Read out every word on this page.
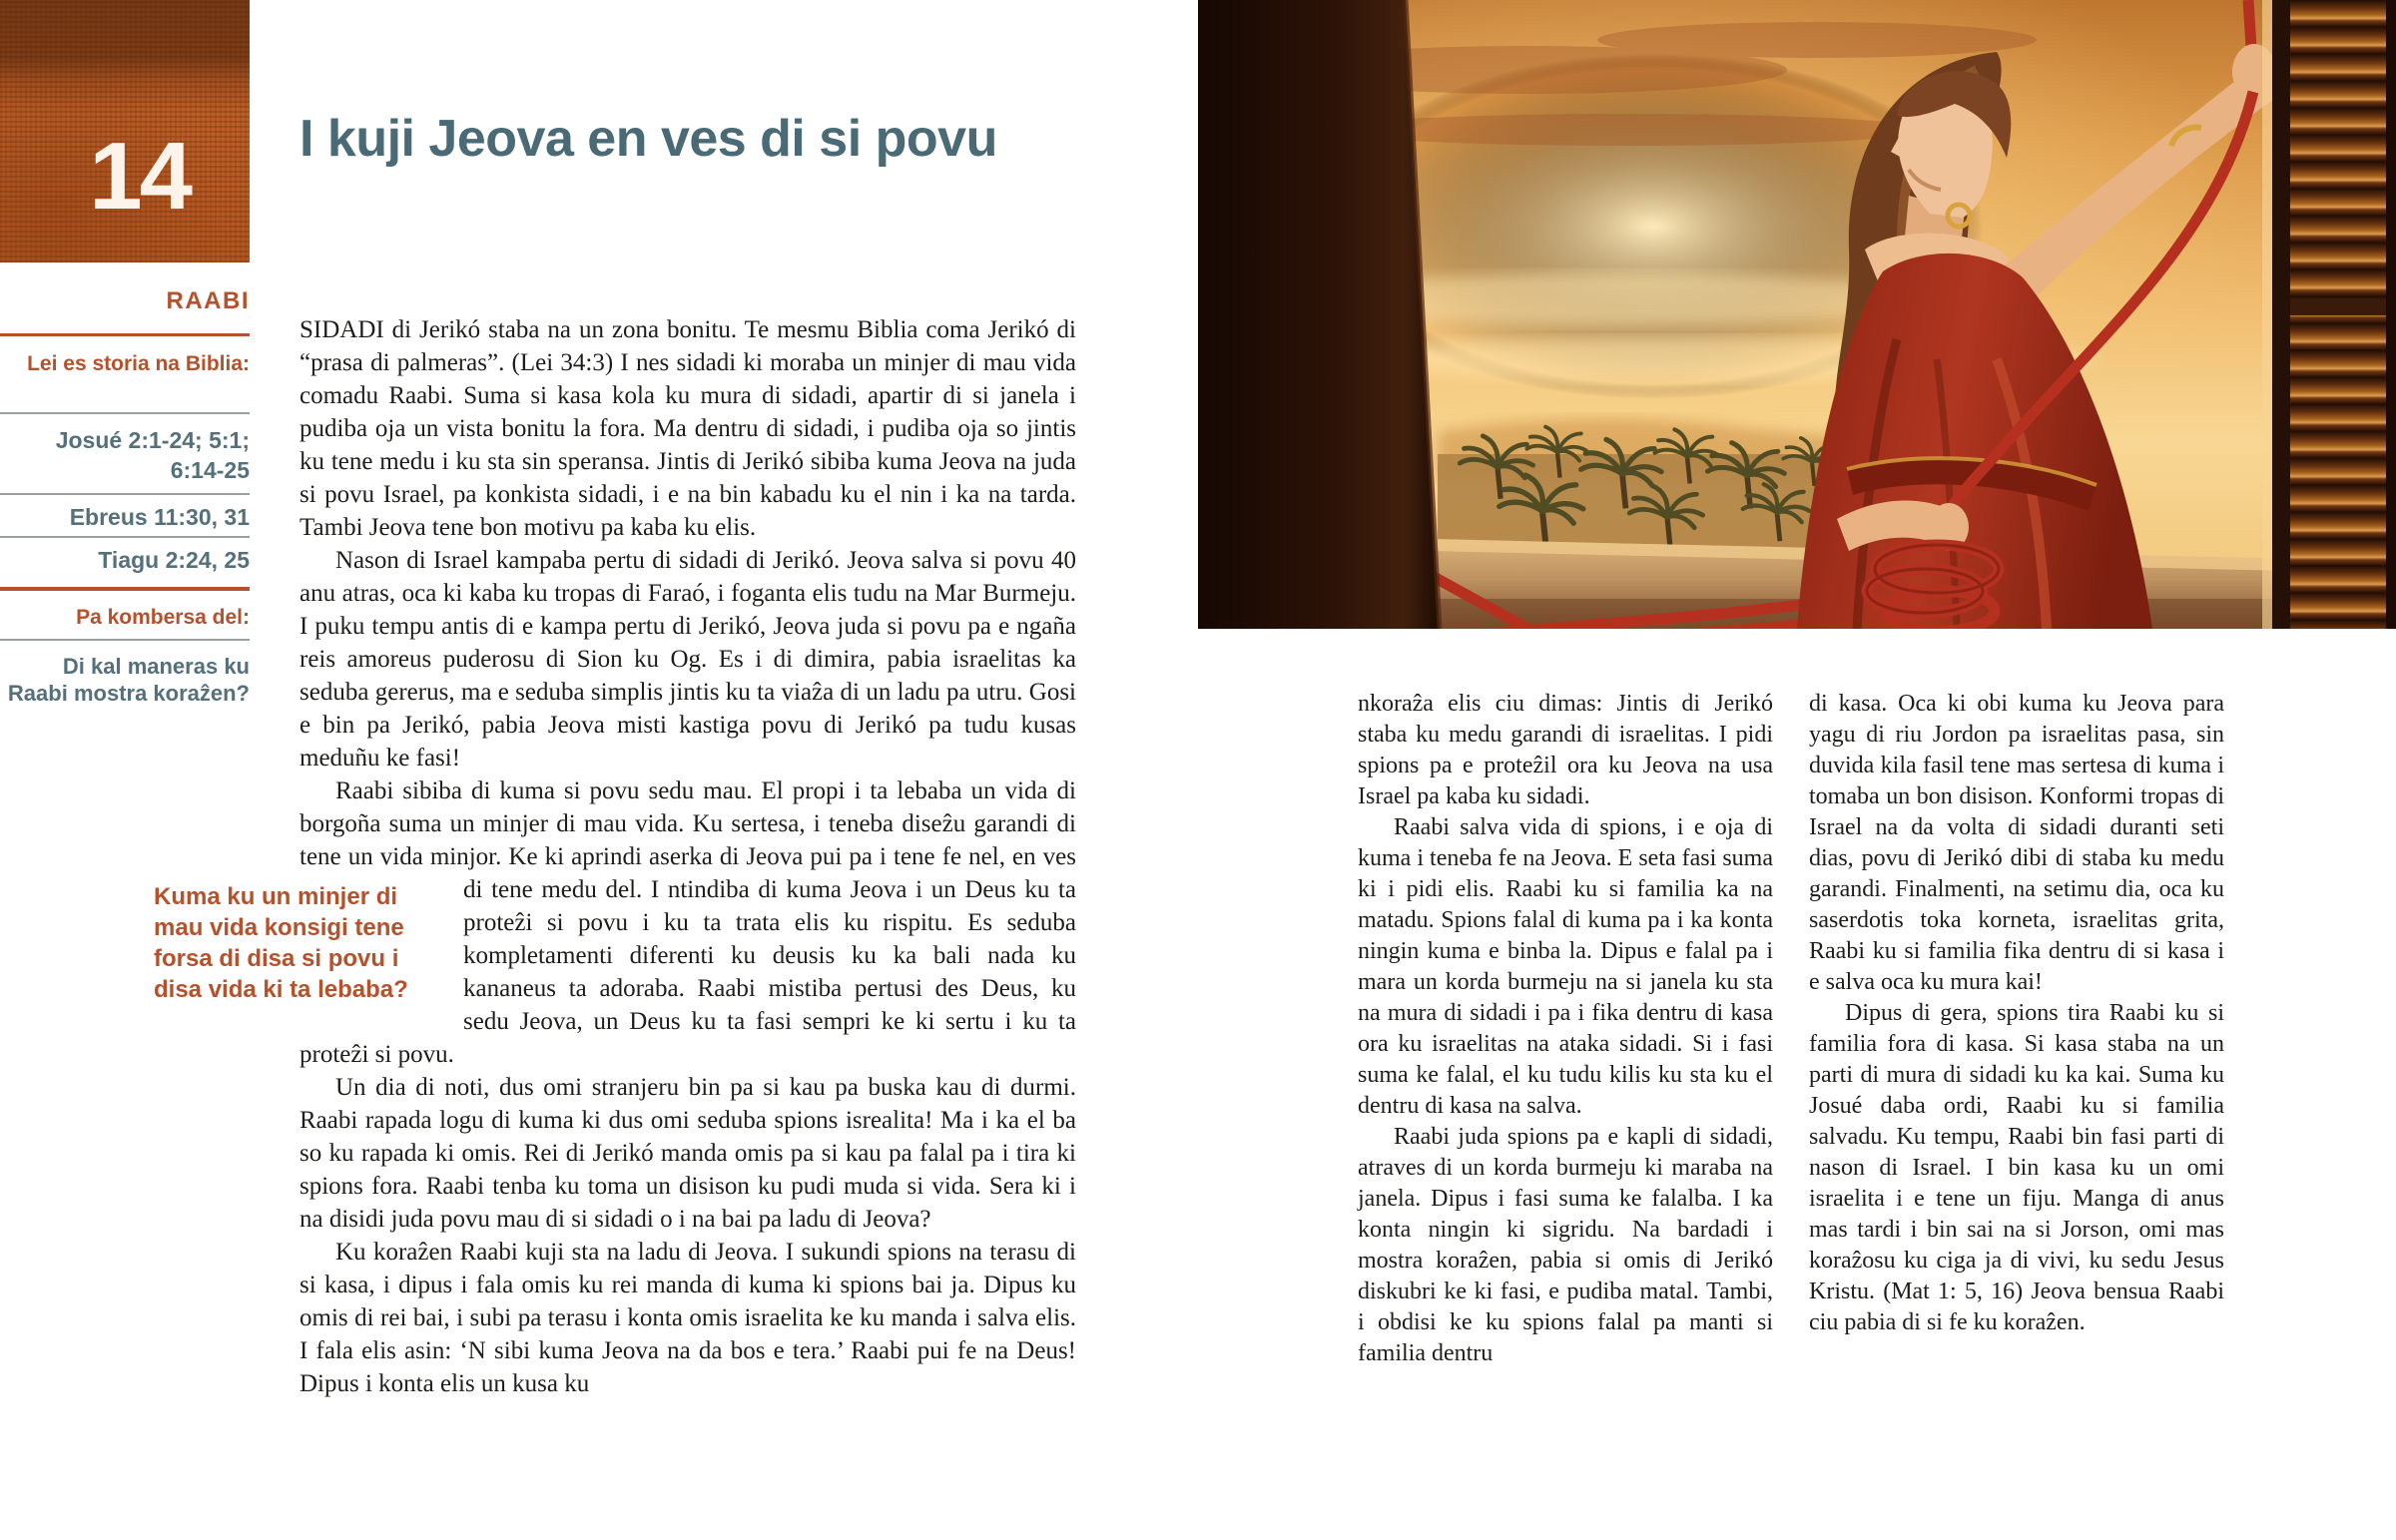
14
RAABI
Lei es storia na Biblia:
Josué 2:1-24; 5:1; 6:14-25
Ebreus 11:30, 31
Tiagu 2:24, 25
Pa kombersa del:
Di kal maneras ku Raabi mostra koraẑen?
I kuji Jeova en ves di si povu

SIDADI di Jerikó staba na un zona bonitu. Te mesmu Biblia coma Jerikó di “prasa di palmeras”. (Lei 34:3) I nes sidadi ki moraba un minjer di mau vida comadu Raabi. Suma si kasa kola ku mura di sidadi, apartir di si janela i pudiba oja un vista bonitu la fora. Ma dentru di sidadi, i pudiba oja so jintis ku tene medu i ku sta sin speransa. Jintis di Jerikó sibiba kuma Jeova na juda si povu Israel, pa konkista sidadi, i e na bin kabadu ku el nin i ka na tarda. Tambi Jeova tene bon motivu pa kaba ku elis.

Nason di Israel kampaba pertu di sidadi di Jerikó. Jeova salva si povu 40 anu atras, oca ki kaba ku tropas di Faraó, i foganta elis tudu na Mar Burmeju. I puku tempu antis di e kampa pertu di Jerikó, Jeova juda si povu pa e ngaña reis amoreus puderosu di Sion ku Og. Es i di dimira, pabia israelitas ka seduba gererus, ma e seduba simplis jintis ku ta viaẑa di un ladu pa utru. Gosi e bin pa Jerikó, pabia Jeova misti kastiga povu di Jerikó pa tudu kusas meduñu ke fasi!

Raabi sibiba di kuma si povu sedu mau. El propi i ta lebaba un vida di borgoña suma un minjer di mau vida. Ku sertesa, i teneba diseẑu garandi di tene un vida minjor. Ke ki aprindi aserka di Jeova pui pa i tene fe nel, en ves di tene medu del. I ntindiba di kuma
Kuma ku un minjer di mau vida konsigi tene forsa di disa si povu i disa vida ki ta lebaba?
Jeova i un Deus ku ta proteẑi si povu i ku ta trata elis ku rispitu. Es seduba kompletamenti diferenti ku deusis ku ka bali nada ku kananeus ta adoraba. Raabi mistiba pertusi des Deus, ku sedu Jeova, un Deus ku ta fasi sempri ke ki sertu i ku ta proteẑi si povu.

Un dia di noti, dus omi stranjeru bin pa si kau pa buska kau di durmi. Raabi rapada logu di kuma ki dus omi seduba spions isrealita! Ma i ka el ba so ku rapada ki omis. Rei di Jerikó manda omis pa si kau pa falal pa i tira ki spions fora. Raabi tenba ku toma un disison ku pudi muda si vida. Sera ki i na disidi juda povu mau di si sidadi o i na bai pa ladu di Jeova?

Ku koraẑen Raabi kuji sta na ladu di Jeova. I sukundi spions na terasu di si kasa, i dipus i fala omis ku rei manda di kuma ki spions bai ja. Dipus ku omis di rei bai, i subi pa terasu i konta omis israelita ke ku manda i salva elis. I fala elis asin: ‘N sibi kuma Jeova na da bos e tera.’ Raabi pui fe na Deus! Dipus i konta elis un kusa ku

nkoraẑa elis ciu dimas: Jintis di Jerikó staba ku medu garandi di israelitas. I pidi spions pa e proteẑil ora ku Jeova na usa Israel pa kaba ku sidadi.

Raabi salva vida di spions, i e oja di kuma i teneba fe na Jeova. E seta fasi suma ki i pidi elis. Raabi ku si familia ka na matadu. Spions falal di kuma pa i ka konta ningin kuma e binba la. Dipus e falal pa i mara un korda burmeju na si janela ku sta na mura di sidadi i pa i fika dentru di kasa ora ku israelitas na ataka sidadi. Si i fasi suma ke falal, el ku tudu kilis ku sta ku el dentru di kasa na salva.

Raabi juda spions pa e kapli di sidadi, atraves di un korda burmeju ki maraba na janela. Dipus i fasi suma ke falalba. I ka konta ningin ki sigridu. Na bardadi i mostra koraẑen, pabia si omis di Jerikó diskubri ke ki fasi, e pudiba matal. Tambi, i obdisi ke ku spions falal pa manti si familia dentru

di kasa. Oca ki obi kuma ku Jeova para yagu di riu Jordon pa israelitas pasa, sin duvida kila fasil tene mas sertesa di kuma i tomaba un bon disison. Konformi tropas di Israel na da volta di sidadi duranti seti dias, povu di Jerikó dibi di staba ku medu garandi. Finalmenti, na setimu dia, oca ku saserdotis toka korneta, israelitas grita, Raabi ku si familia fika dentru di si kasa i e salva oca ku mura kai!

Dipus di gera, spions tira Raabi ku si familia fora di kasa. Si kasa staba na un parti di mura di sidadi ku ka kai. Suma ku Josué daba ordi, Raabi ku si familia salvadu. Ku tempu, Raabi bin fasi parti di nason di Israel. I bin kasa ku un omi israelita i e tene un fiju. Manga di anus mas tardi i bin sai na si Jorson, omi mas koraẑosu ku ciga ja di vivi, ku sedu Jesus Kristu. (Mat 1: 5, 16) Jeova bensua Raabi ciu pabia di si fe ku koraẑen.
